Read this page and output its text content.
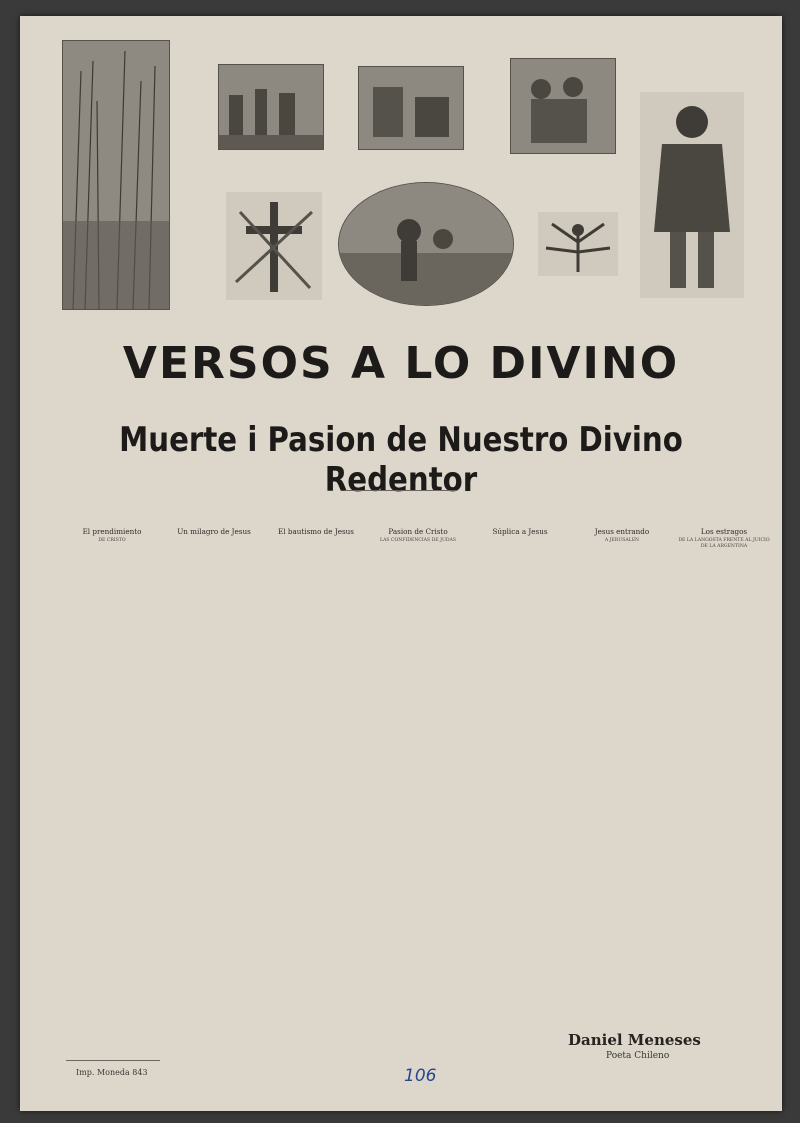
VERSOS A LO DIVINO
Muerte i Pasion de Nuestro Divino Redentor
El prendimiento
DE CRISTO
Un milagro de Jesus	El bautismo de Jesus	Pasion de Cristo
LAS CONFIDENCIAS DE JUDAS
Súplica a Jesus	Jesus entrando
A JERUSALEN
Los estragos
DE LA LANGOSTA FRENTE AL JUICIO DE LA ARGENTINA
Imp. Moneda 843
Daniel Meneses
Poeta Chileno
106
